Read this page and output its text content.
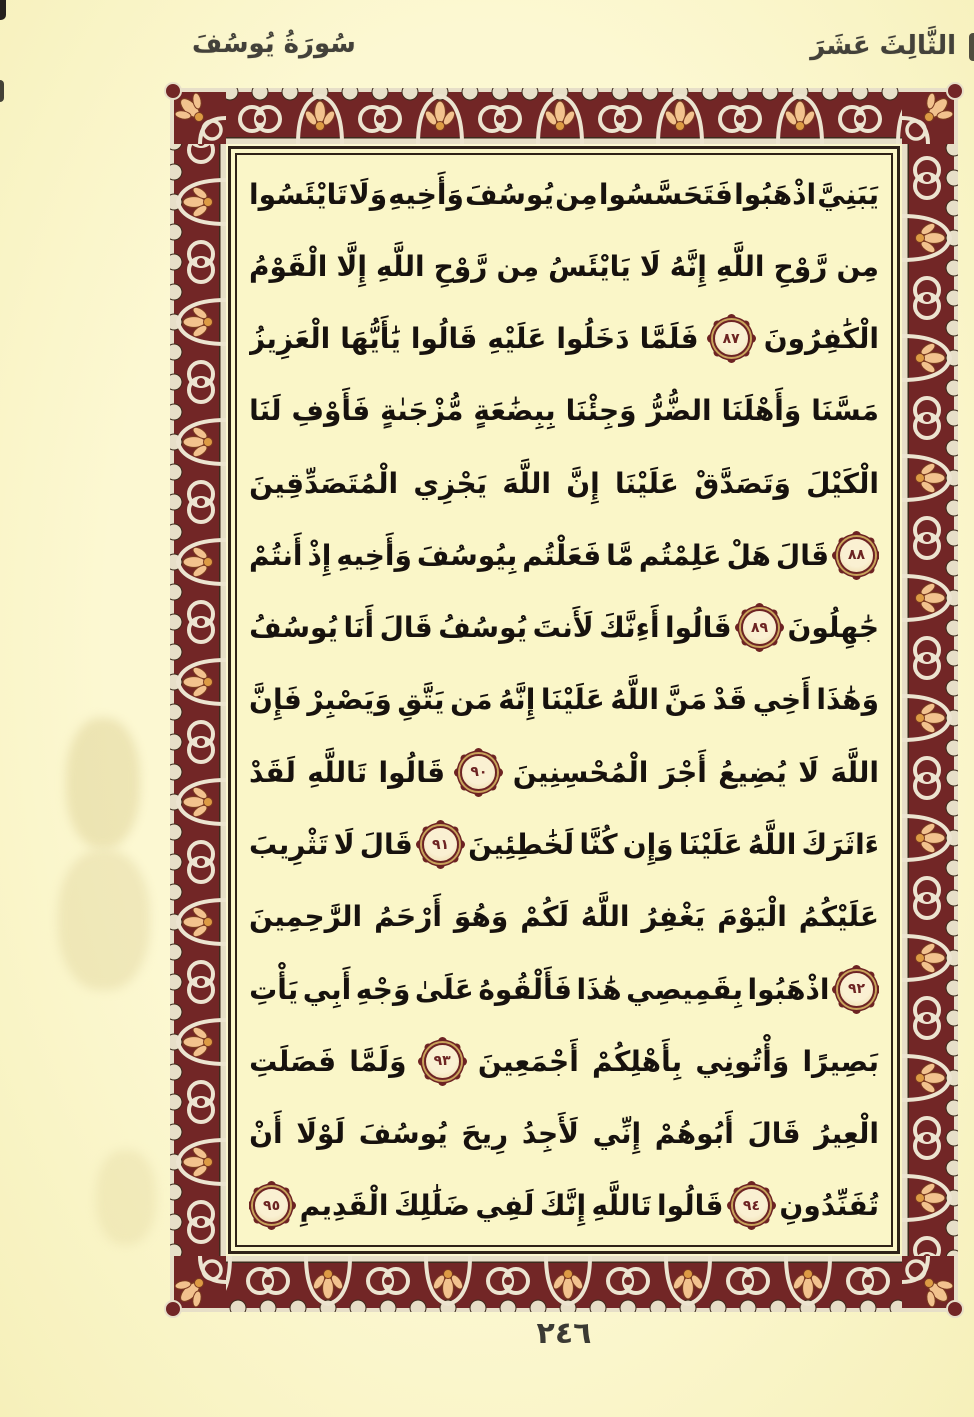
الثَّالِثَ عَشَرَ
سُورَةُ يُوسُفَ
يَبَنِيَّ
اذْهَبُوا
فَتَحَسَّسُوا
مِن
يُوسُفَ
وَأَخِيهِ
وَلَا
تَايْئَسُوا
مِن
رَّوْحِ
اللَّهِ
إِنَّهُ
لَا
يَايْئَسُ
مِن
رَّوْحِ
اللَّهِ
إِلَّا
الْقَوْمُ
الْكَٰفِرُونَ
٨٧
فَلَمَّا
دَخَلُوا
عَلَيْهِ
قَالُوا
يَٰأَيُّهَا
الْعَزِيزُ
مَسَّنَا
وَأَهْلَنَا
الضُّرُّ
وَجِئْنَا
بِبِضَٰعَةٍ
مُّزْجَىٰةٍ
فَأَوْفِ
لَنَا
الْكَيْلَ
وَتَصَدَّقْ
عَلَيْنَا
إِنَّ
اللَّهَ
يَجْزِي
الْمُتَصَدِّقِينَ
٨٨
قَالَ
هَلْ
عَلِمْتُم
مَّا
فَعَلْتُم
بِيُوسُفَ
وَأَخِيهِ
إِذْ
أَنتُمْ
جَٰهِلُونَ
٨٩
قَالُوا
أَءِنَّكَ
لَأَنتَ
يُوسُفُ
قَالَ
أَنَا
يُوسُفُ
وَهَٰذَا
أَخِي
قَدْ
مَنَّ
اللَّهُ
عَلَيْنَا
إِنَّهُ
مَن
يَتَّقِ
وَيَصْبِرْ
فَإِنَّ
اللَّهَ
لَا
يُضِيعُ
أَجْرَ
الْمُحْسِنِينَ
٩٠
قَالُوا
تَاللَّهِ
لَقَدْ
ءَاثَرَكَ
اللَّهُ
عَلَيْنَا
وَإِن
كُنَّا
لَخَٰطِئِينَ
٩١
قَالَ
لَا
تَثْرِيبَ
عَلَيْكُمُ
الْيَوْمَ
يَغْفِرُ
اللَّهُ
لَكُمْ
وَهُوَ
أَرْحَمُ
الرَّٰحِمِينَ
٩٢
اذْهَبُوا
بِقَمِيصِي
هَٰذَا
فَأَلْقُوهُ
عَلَىٰ
وَجْهِ
أَبِي
يَأْتِ
بَصِيرًا
وَأْتُونِي
بِأَهْلِكُمْ
أَجْمَعِينَ
٩٣
وَلَمَّا
فَصَلَتِ
الْعِيرُ
قَالَ
أَبُوهُمْ
إِنِّي
لَأَجِدُ
رِيحَ
يُوسُفَ
لَوْلَا
أَنْ
تُفَنِّدُونِ
٩٤
قَالُوا
تَاللَّهِ
إِنَّكَ
لَفِي
ضَلَٰلِكَ
الْقَدِيمِ
٩٥
٢٤٦
